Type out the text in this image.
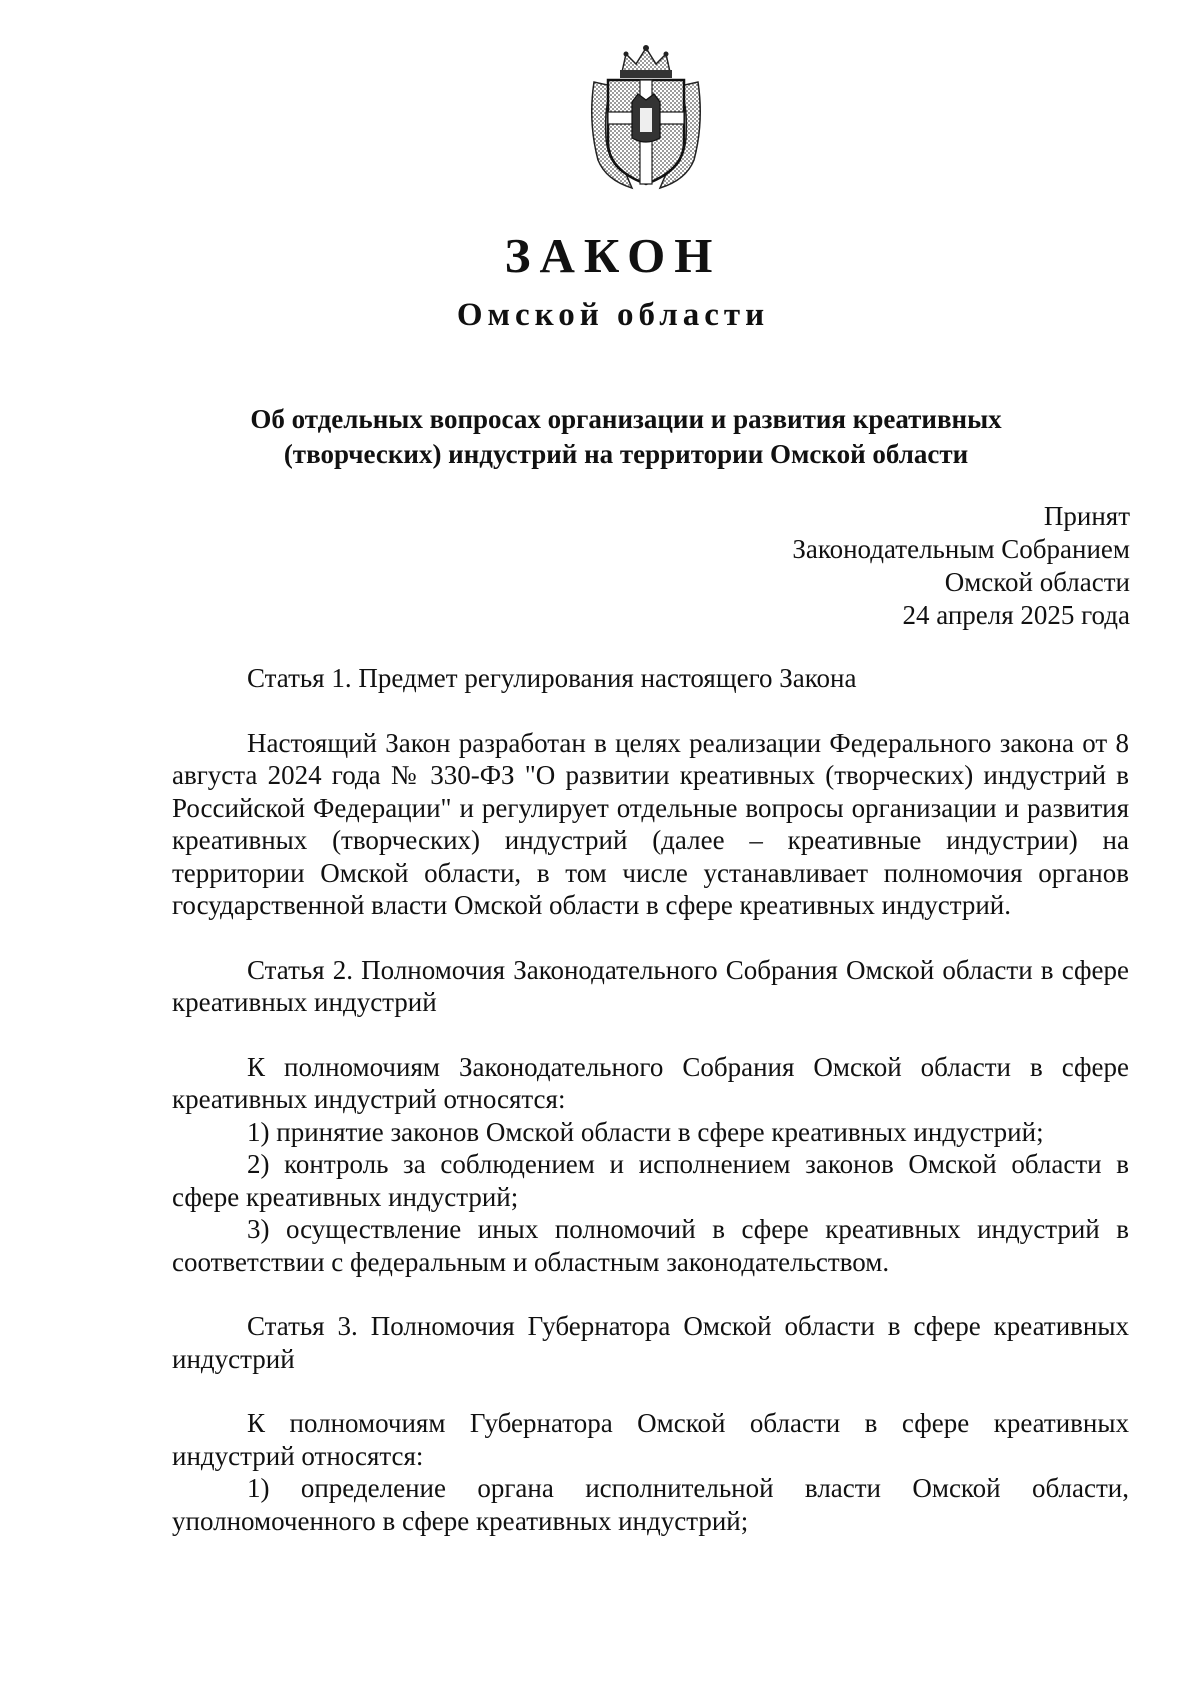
ЗАКОН
Омской области
Об отдельных вопросах организации и развития креативных
(творческих) индустрий на территории Омской области
Принят
Законодательным Собранием
Омской области
24 апреля 2025 года

Статья 1. Предмет регулирования настоящего Закона

Настоящий Закон разработан в целях реализации Федерального закона от 8 августа 2024 года № 330-ФЗ "О развитии креативных (творческих) индустрий в Российской Федерации" и регулирует отдельные вопросы организации и развития креативных (творческих) индустрий (далее – креативные индустрии) на территории Омской области, в том числе устанавливает полномочия органов государственной власти Омской области в сфере креативных индустрий.

Статья 2. Полномочия Законодательного Собрания Омской области в сфере креативных индустрий

К полномочиям Законодательного Собрания Омской области в сфере креативных индустрий относятся:

1) принятие законов Омской области в сфере креативных индустрий;

2) контроль за соблюдением и исполнением законов Омской области в сфере креативных индустрий;

3) осуществление иных полномочий в сфере креативных индустрий в соответствии с федеральным и областным законодательством.

Статья 3. Полномочия Губернатора Омской области в сфере креативных индустрий

К полномочиям Губернатора Омской области в сфере креативных индустрий относятся:

1) определение органа исполнительной власти Омской области, уполномоченного в сфере креативных индустрий;
